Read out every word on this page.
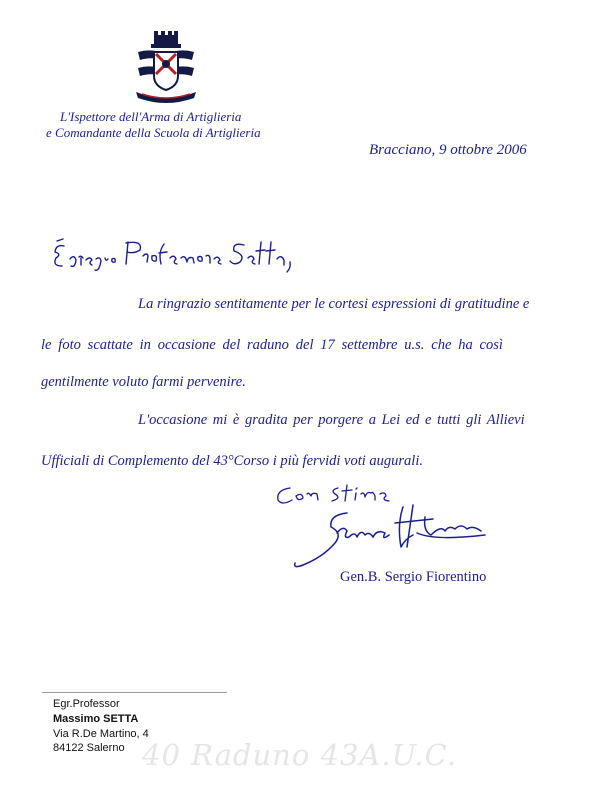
L'Ispettore dell'Arma di Artiglieria
e Comandante della Scuola di Artiglieria
Bracciano, 9 ottobre 2006
La ringrazio sentitamente per le cortesi espressioni di gratitudine e
le foto scattate in occasione del raduno del 17 settembre u.s. che ha così
gentilmente voluto farmi pervenire.
L'occasione mi è gradita per porgere a Lei ed e tutti gli Allievi
Ufficiali di Complemento del 43°Corso i più fervidi voti augurali.
Gen.B. Sergio Fiorentino
Egr.Professor
Massimo SETTA
Via R.De Martino, 4
84122 Salerno 40 Raduno 43A.U.C.
